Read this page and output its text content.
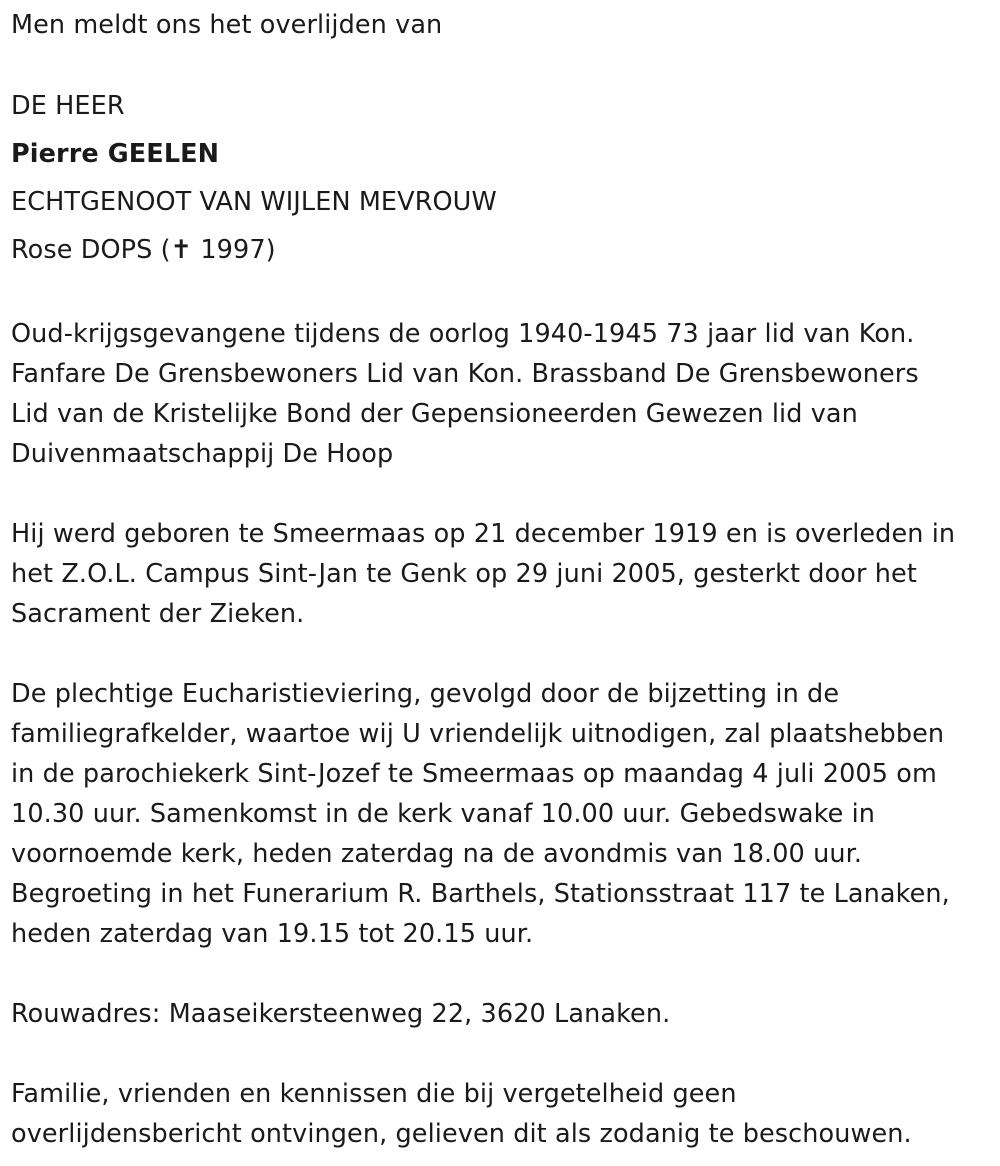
Men meldt ons het overlijden van
DE HEER
Pierre GEELEN
ECHTGENOOT VAN WIJLEN MEVROUW
Rose DOPS (✝ 1997)
Oud-krijgsgevangene tijdens de oorlog 1940-1945 73 jaar lid van Kon.
Fanfare De Grensbewoners Lid van Kon. Brassband De Grensbewoners
Lid van de Kristelijke Bond der Gepensioneerden Gewezen lid van
Duivenmaatschappij De Hoop
Hij werd geboren te Smeermaas op 21 december 1919 en is overleden in
het Z.O.L. Campus Sint-Jan te Genk op 29 juni 2005, gesterkt door het
Sacrament der Zieken.
De plechtige Eucharistieviering, gevolgd door de bijzetting in de
familiegrafkelder, waartoe wij U vriendelijk uitnodigen, zal plaatshebben
in de parochiekerk Sint-Jozef te Smeermaas op maandag 4 juli 2005 om
10.30 uur. Samenkomst in de kerk vanaf 10.00 uur. Gebedswake in
voornoemde kerk, heden zaterdag na de avondmis van 18.00 uur.
Begroeting in het Funerarium R. Barthels, Stationsstraat 117 te Lanaken,
heden zaterdag van 19.15 tot 20.15 uur.
Rouwadres: Maaseikersteenweg 22, 3620 Lanaken.
Familie, vrienden en kennissen die bij vergetelheid geen
overlijdensbericht ontvingen, gelieven dit als zodanig te beschouwen.
